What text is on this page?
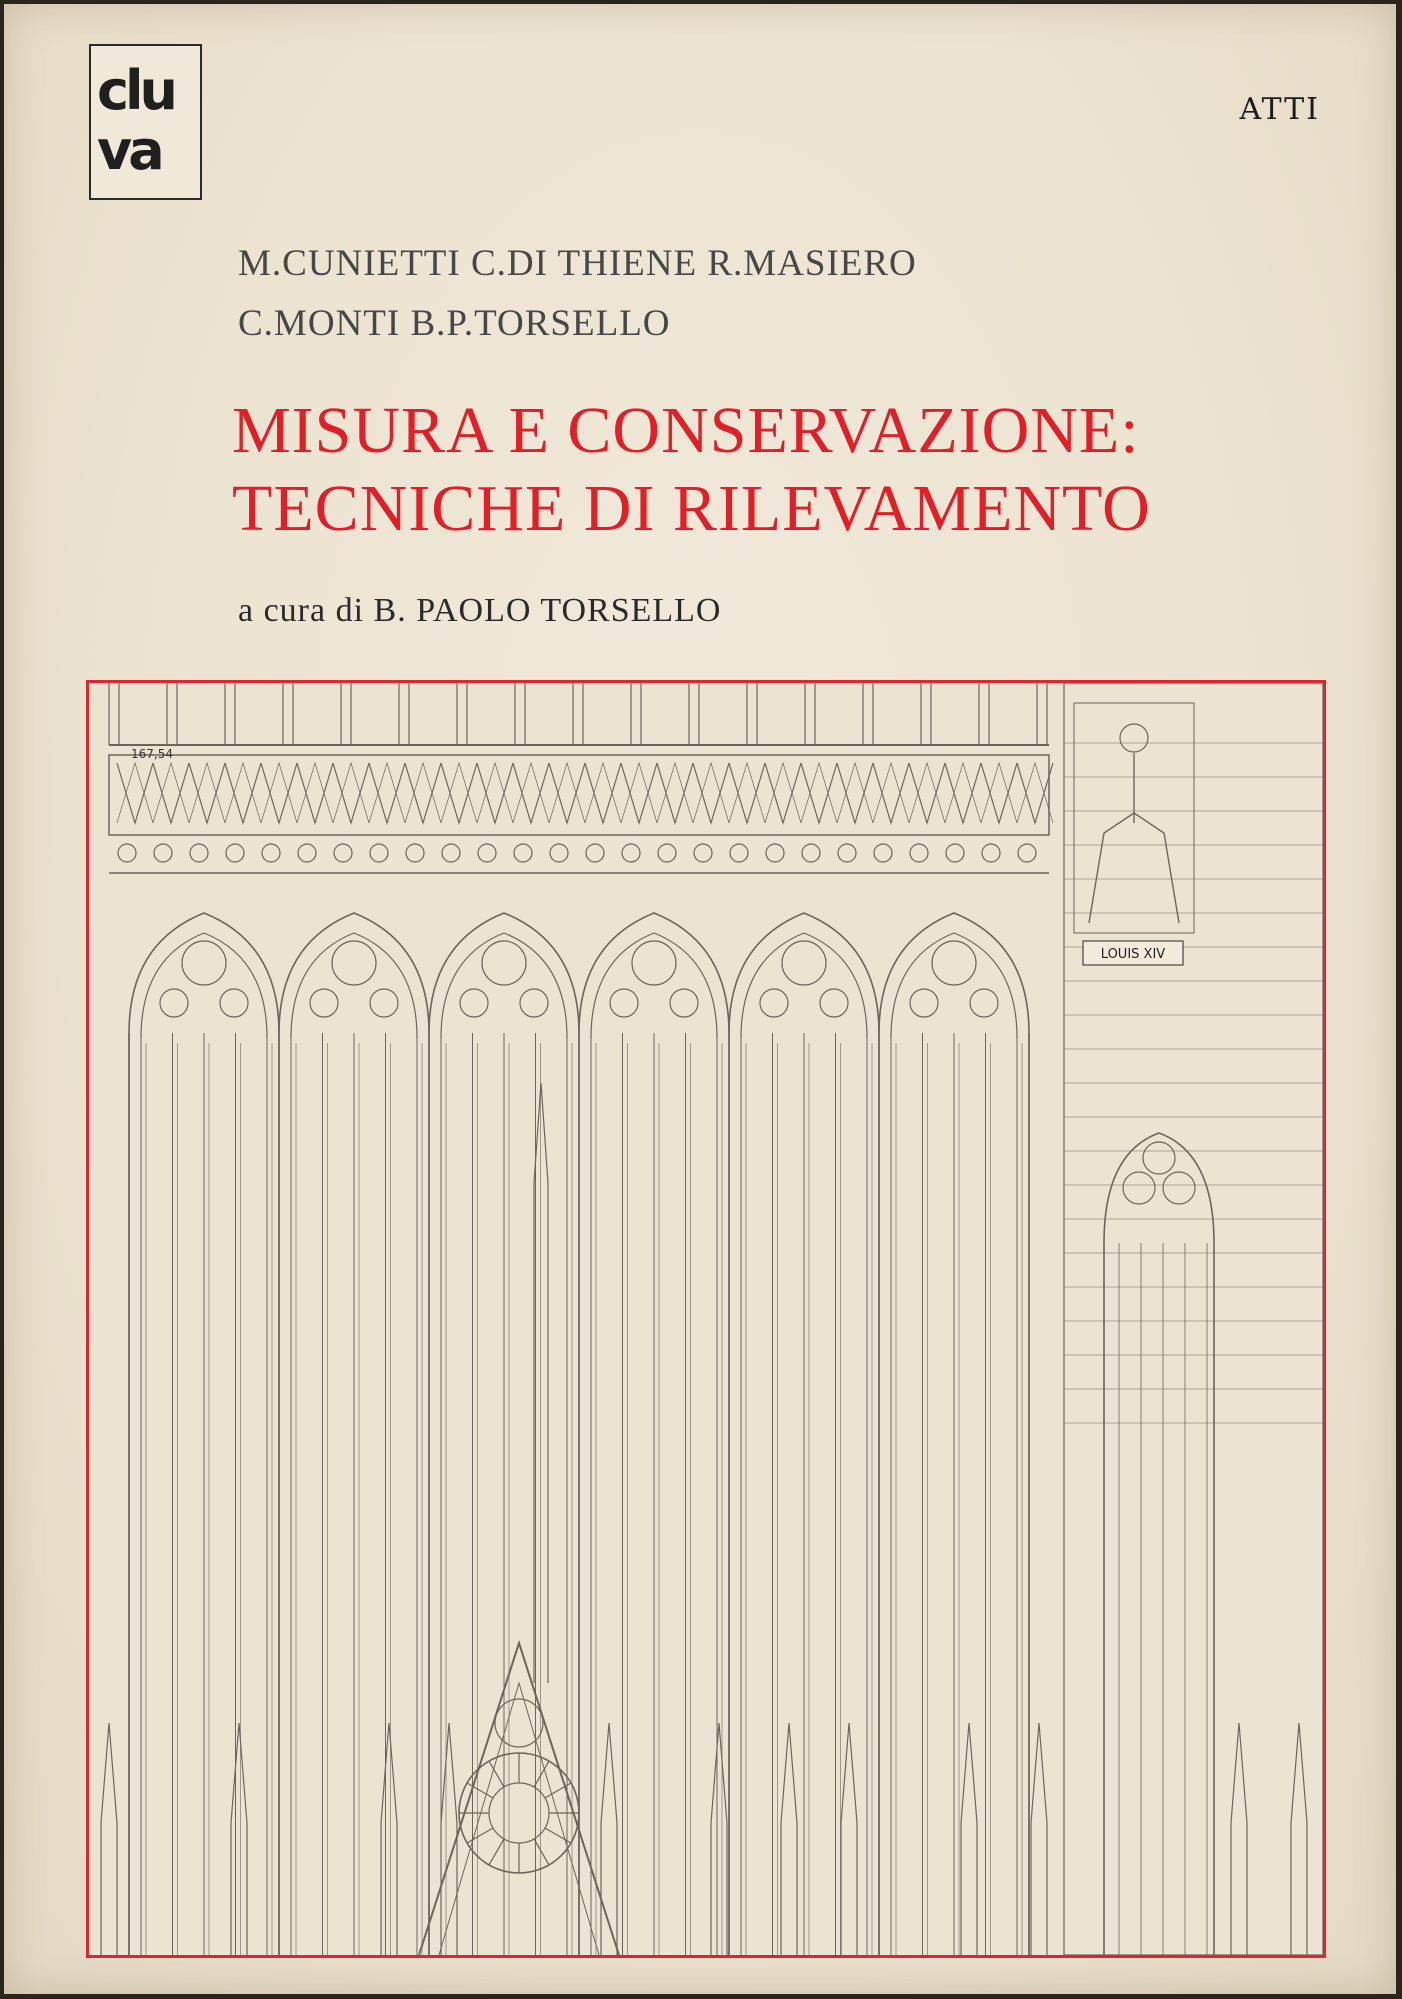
clu
va
ATTI
M.CUNIETTI C.DI THIENE R.MASIERO
C.MONTI B.P.TORSELLO
MISURA E CONSERVAZIONE:
TECNICHE DI RILEVAMENTO
a cura di B. PAOLO TORSELLO
167,54
LOUIS XIV
